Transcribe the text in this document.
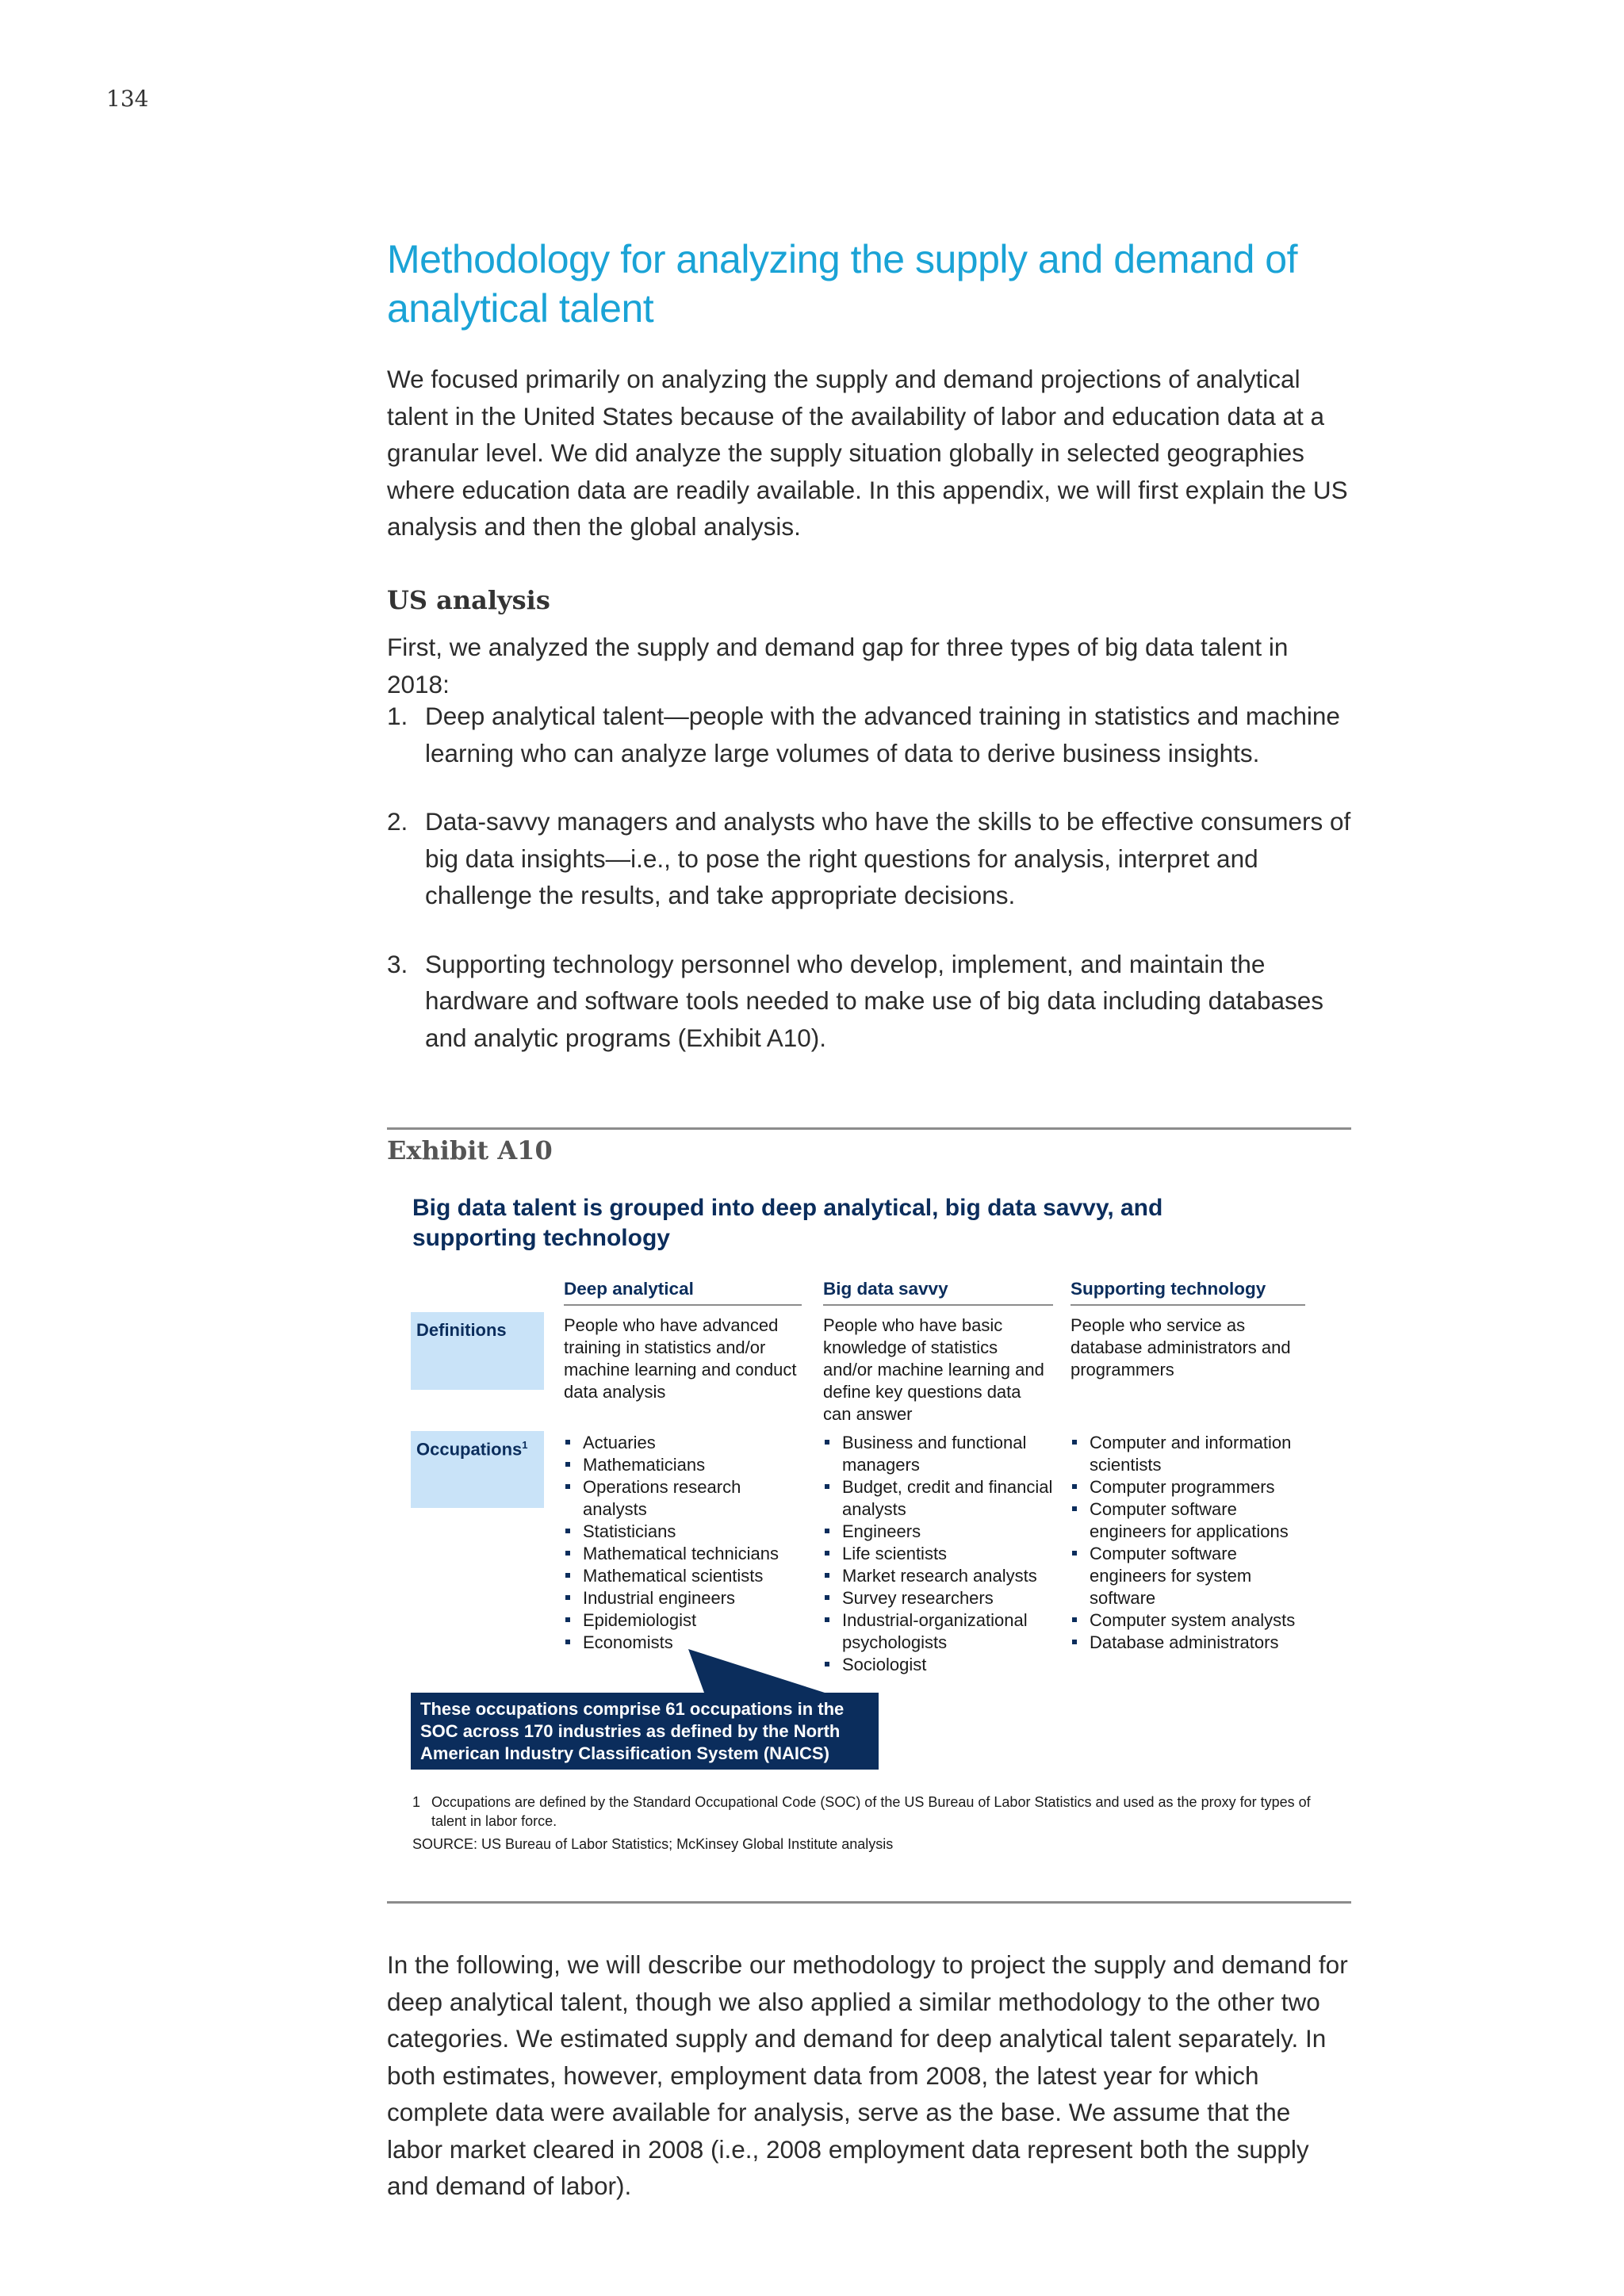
134
Methodology for analyzing the supply and demand of analytical talent

We focused primarily on analyzing the supply and demand projections of analytical talent in the United States because of the availability of labor and education data at a granular level. We did analyze the supply situation globally in selected geographies where education data are readily available. In this appendix, we will first explain the US analysis and then the global analysis.

US analysis

First, we analyzed the supply and demand gap for three types of big data talent in 2018:

1. Deep analytical talent—people with the advanced training in statistics and machine learning who can analyze large volumes of data to derive business insights.
2. Data-savvy managers and analysts who have the skills to be effective consumers of big data insights—i.e., to pose the right questions for analysis, interpret and challenge the results, and take appropriate decisions.
3. Supporting technology personnel who develop, implement, and maintain the hardware and software tools needed to make use of big data including databases and analytic programs (Exhibit A10).
Exhibit A10
Big data talent is grouped into deep analytical, big data savvy, and supporting technology
Deep analytical	Big data savvy	Supporting technology
Definitions
Occupations$^1$
People who have advanced training in statistics and/or machine learning and conduct data analysis
People who have basic knowledge of statistics and/or machine learning and define key questions data can answer
People who service as database administrators and programmers
Actuaries
Mathematicians
Operations research analysts
Statisticians
Mathematical technicians
Mathematical scientists
Industrial engineers
Epidemiologist
Economists
Business and functional managers
Budget, credit and financial analysts
Engineers
Life scientists
Market research analysts
Survey researchers
Industrial-organizational psychologists
Sociologist
Computer and information scientists
Computer programmers
Computer software engineers for applications
Computer software engineers for system software
Computer system analysts
Database administrators
These occupations comprise 61 occupations in the SOC across 170 industries as defined by the North American Industry Classification System (NAICS)
1 Occupations are defined by the Standard Occupational Code (SOC) of the US Bureau of Labor Statistics and used as the proxy for types of talent in labor force.
SOURCE: US Bureau of Labor Statistics; McKinsey Global Institute analysis

In the following, we will describe our methodology to project the supply and demand for deep analytical talent, though we also applied a similar methodology to the other two categories. We estimated supply and demand for deep analytical talent separately. In both estimates, however, employment data from 2008, the latest year for which complete data were available for analysis, serve as the base. We assume that the labor market cleared in 2008 (i.e., 2008 employment data represent both the supply and demand of labor).
